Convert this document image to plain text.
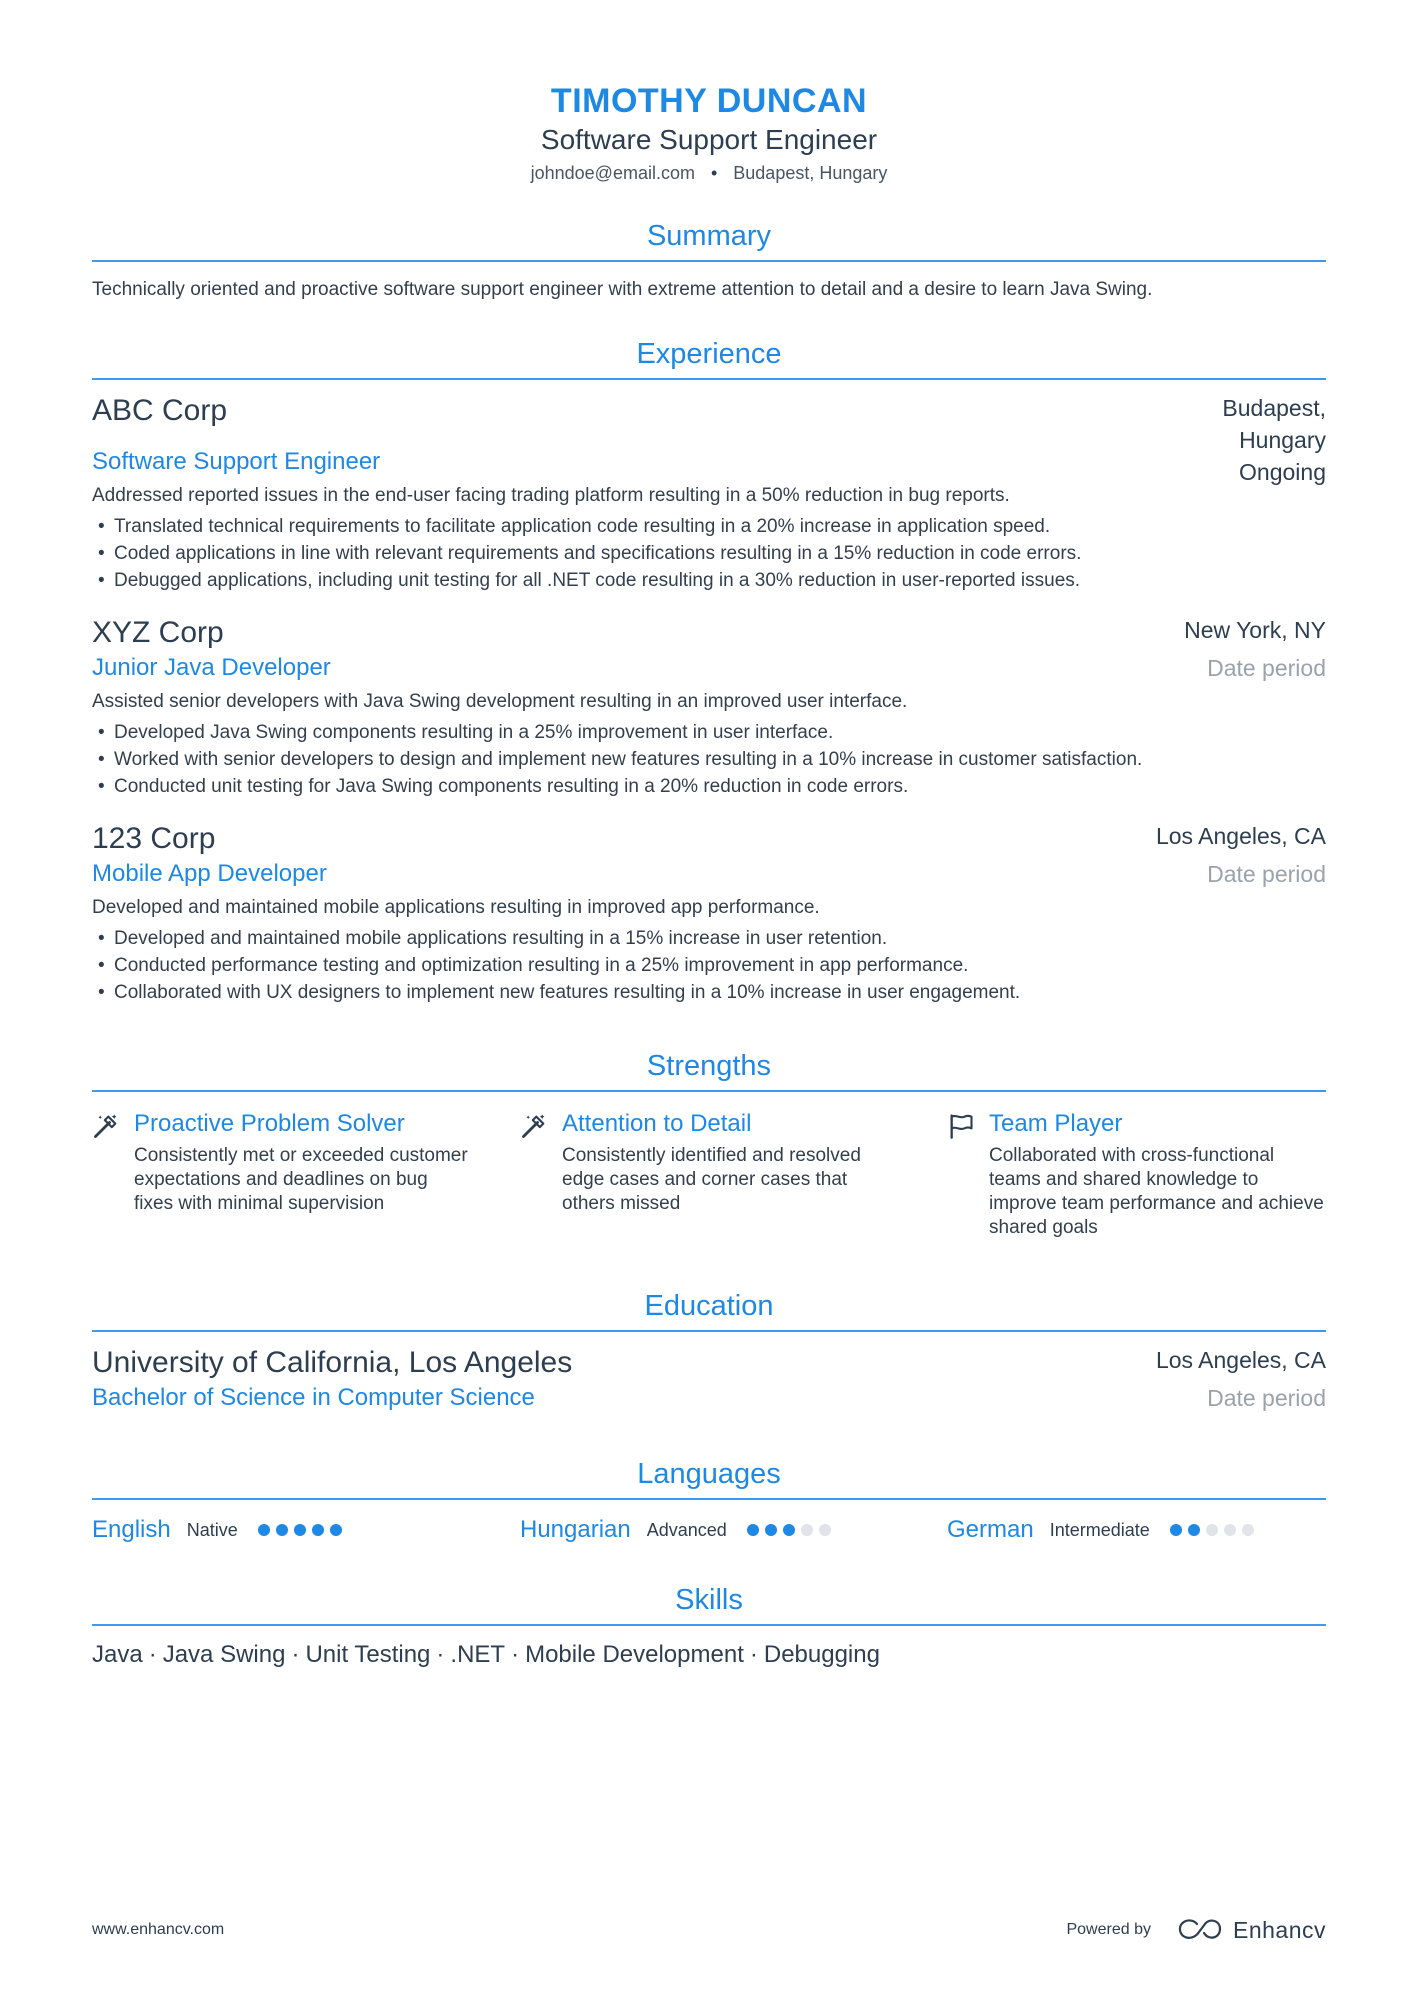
TIMOTHY DUNCAN
Software Support Engineer
johndoe@email.com • Budapest, Hungary
Summary
Technically oriented and proactive software support engineer with extreme attention to detail and a desire to learn Java Swing.
Experience
Budapest,
Hungary
Ongoing
ABC Corp
Software Support Engineer
Addressed reported issues in the end-user facing trading platform resulting in a 50% reduction in bug reports.
• Translated technical requirements to facilitate application code resulting in a 20% increase in application speed.
• Coded applications in line with relevant requirements and specifications resulting in a 15% reduction in code errors.
• Debugged applications, including unit testing for all .NET code resulting in a 30% reduction in user-reported issues.
New York, NY
Date period
XYZ Corp
Junior Java Developer
Assisted senior developers with Java Swing development resulting in an improved user interface.
• Developed Java Swing components resulting in a 25% improvement in user interface.
• Worked with senior developers to design and implement new features resulting in a 10% increase in customer satisfaction.
• Conducted unit testing for Java Swing components resulting in a 20% reduction in code errors.
Los Angeles, CA
Date period
123 Corp
Mobile App Developer
Developed and maintained mobile applications resulting in improved app performance.
• Developed and maintained mobile applications resulting in a 15% increase in user retention.
• Conducted performance testing and optimization resulting in a 25% improvement in app performance.
• Collaborated with UX designers to implement new features resulting in a 10% increase in user engagement.
Strengths
Proactive Problem Solver
Consistently met or exceeded customer expectations and deadlines on bug fixes with minimal supervision
Attention to Detail
Consistently identified and resolved edge cases and corner cases that others missed
Team Player
Collaborated with cross-functional teams and shared knowledge to improve team performance and achieve shared goals
Education
Los Angeles, CA
Date period
University of California, Los Angeles
Bachelor of Science in Computer Science
Languages
English Native	Hungarian Advanced	German Intermediate
Skills
Java · Java Swing · Unit Testing · .NET · Mobile Development · Debugging
www.enhancv.com	Powered by	Enhancv
